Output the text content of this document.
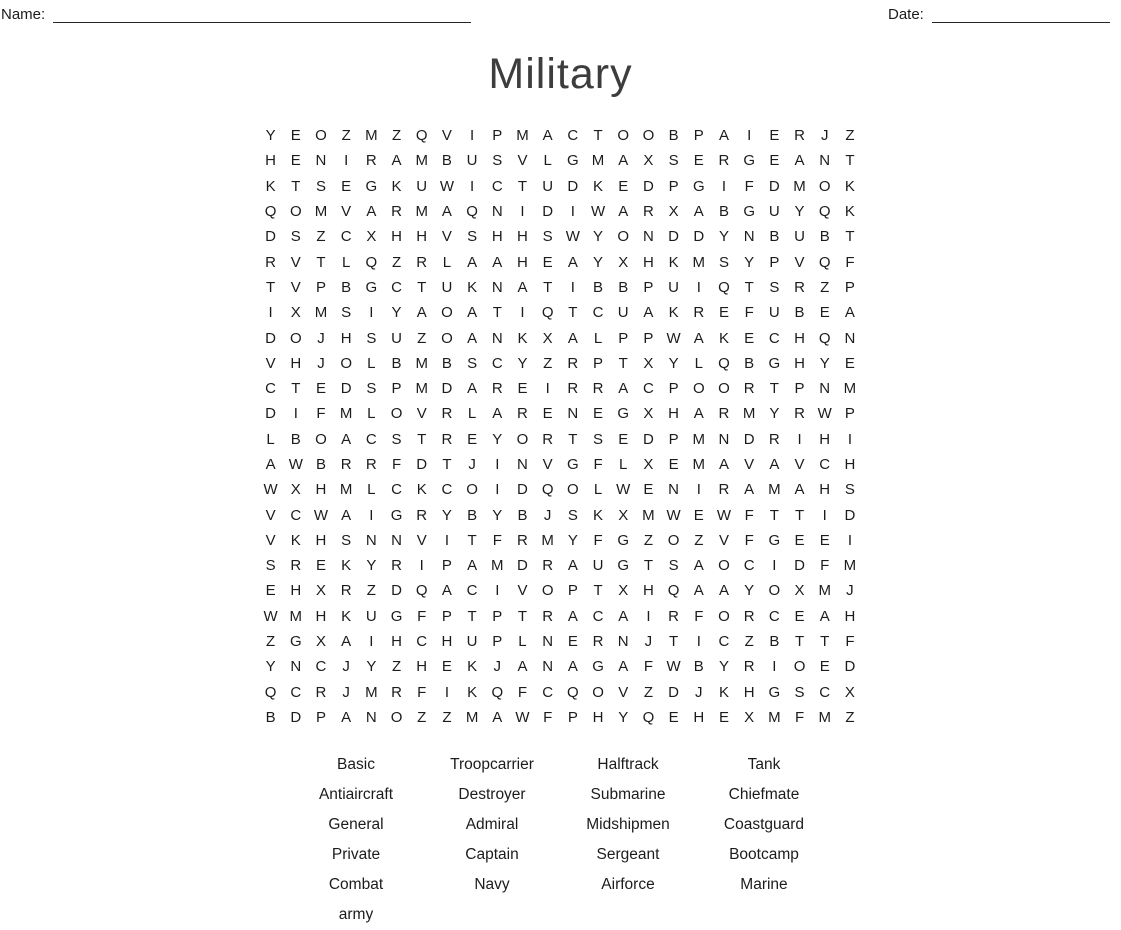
Name:	Date:
Military
Y	E O Z M Z Q V	I	P M A C	T O O B	P	A	I	E R	J	Z
H E N	I	R A M B U S	V	L	G M A	X	S	E R G E	A N	T
K	T	S	E G K U W	I	C	T	U D K	E D P G	I	F	D M O K
Q O M V	A R M A Q N	I	D	I	W A R X	A	B G U Y Q K
D S	Z	C X H H V	S H H S W Y O N D D Y N B U B	T
R V	T	L	Q Z	R	L	A	A H E	A	Y	X H K M S	Y	P	V Q F
T	V	P	B G C	T	U K N A	T	I	B	B	P U	I	Q T	S R	Z	P
I	X M S	I	Y	A O A	T	I	Q T	C U A	K R E	F	U B	E	A
D O	J	H S U	Z O A N K	X	A	L	P	P W A	K	E C H Q N
V H	J	O	L	B M B	S C Y	Z	R P	T	X	Y	L	Q B G H Y	E
C	T	E D S	P M D A R E	I	R R A C P O O R	T	P N M
D	I	F M L	O V R	L	A R E N E G X H A R M Y R W P
L	B O A C S	T	R E	Y O R	T	S	E D P M N D R	I	H	I
A W B R R	F	D	T	J	I	N V G F	L	X	E M A	V	A	V C H
W X H M L	C K C O	I	D Q O	L W E N	I	R A M A H S
V C W A	I	G R Y	B	Y	B	J	S	K	X M W E W F	T	T	I	D
V	K H S N N V	I	T	F	R M Y	F G Z O Z	V	F G E	E	I
S R E	K	Y R	I	P	A M D R A U G T	S	A O C	I	D	F M
E H X R	Z	D Q A C	I	V O P	T	X H Q A	A	Y O X M	J
W M H K U G F	P	T	P	T	R A C A	I	R	F O R C E	A H
Z G X	A	I	H C H U P	L	N E R N	J	T	I	C	Z	B	T	T	F
Y N C	J	Y	Z	H E	K	J	A N A G A	F W B	Y R	I	O E D
Q C R	J	M R	F	I	K Q F	C Q O V	Z	D	J	K H G S C X
B D P	A N O Z	Z M A W F	P H Y Q E H E	X M F M Z
Basic	Troopcarrier	Halftrack	Tank
Antiaircraft	Destroyer	Submarine	Chiefmate
General	Admiral	Midshipmen	Coastguard
Private	Captain	Sergeant	Bootcamp
Combat	Navy	Airforce	Marine
army
